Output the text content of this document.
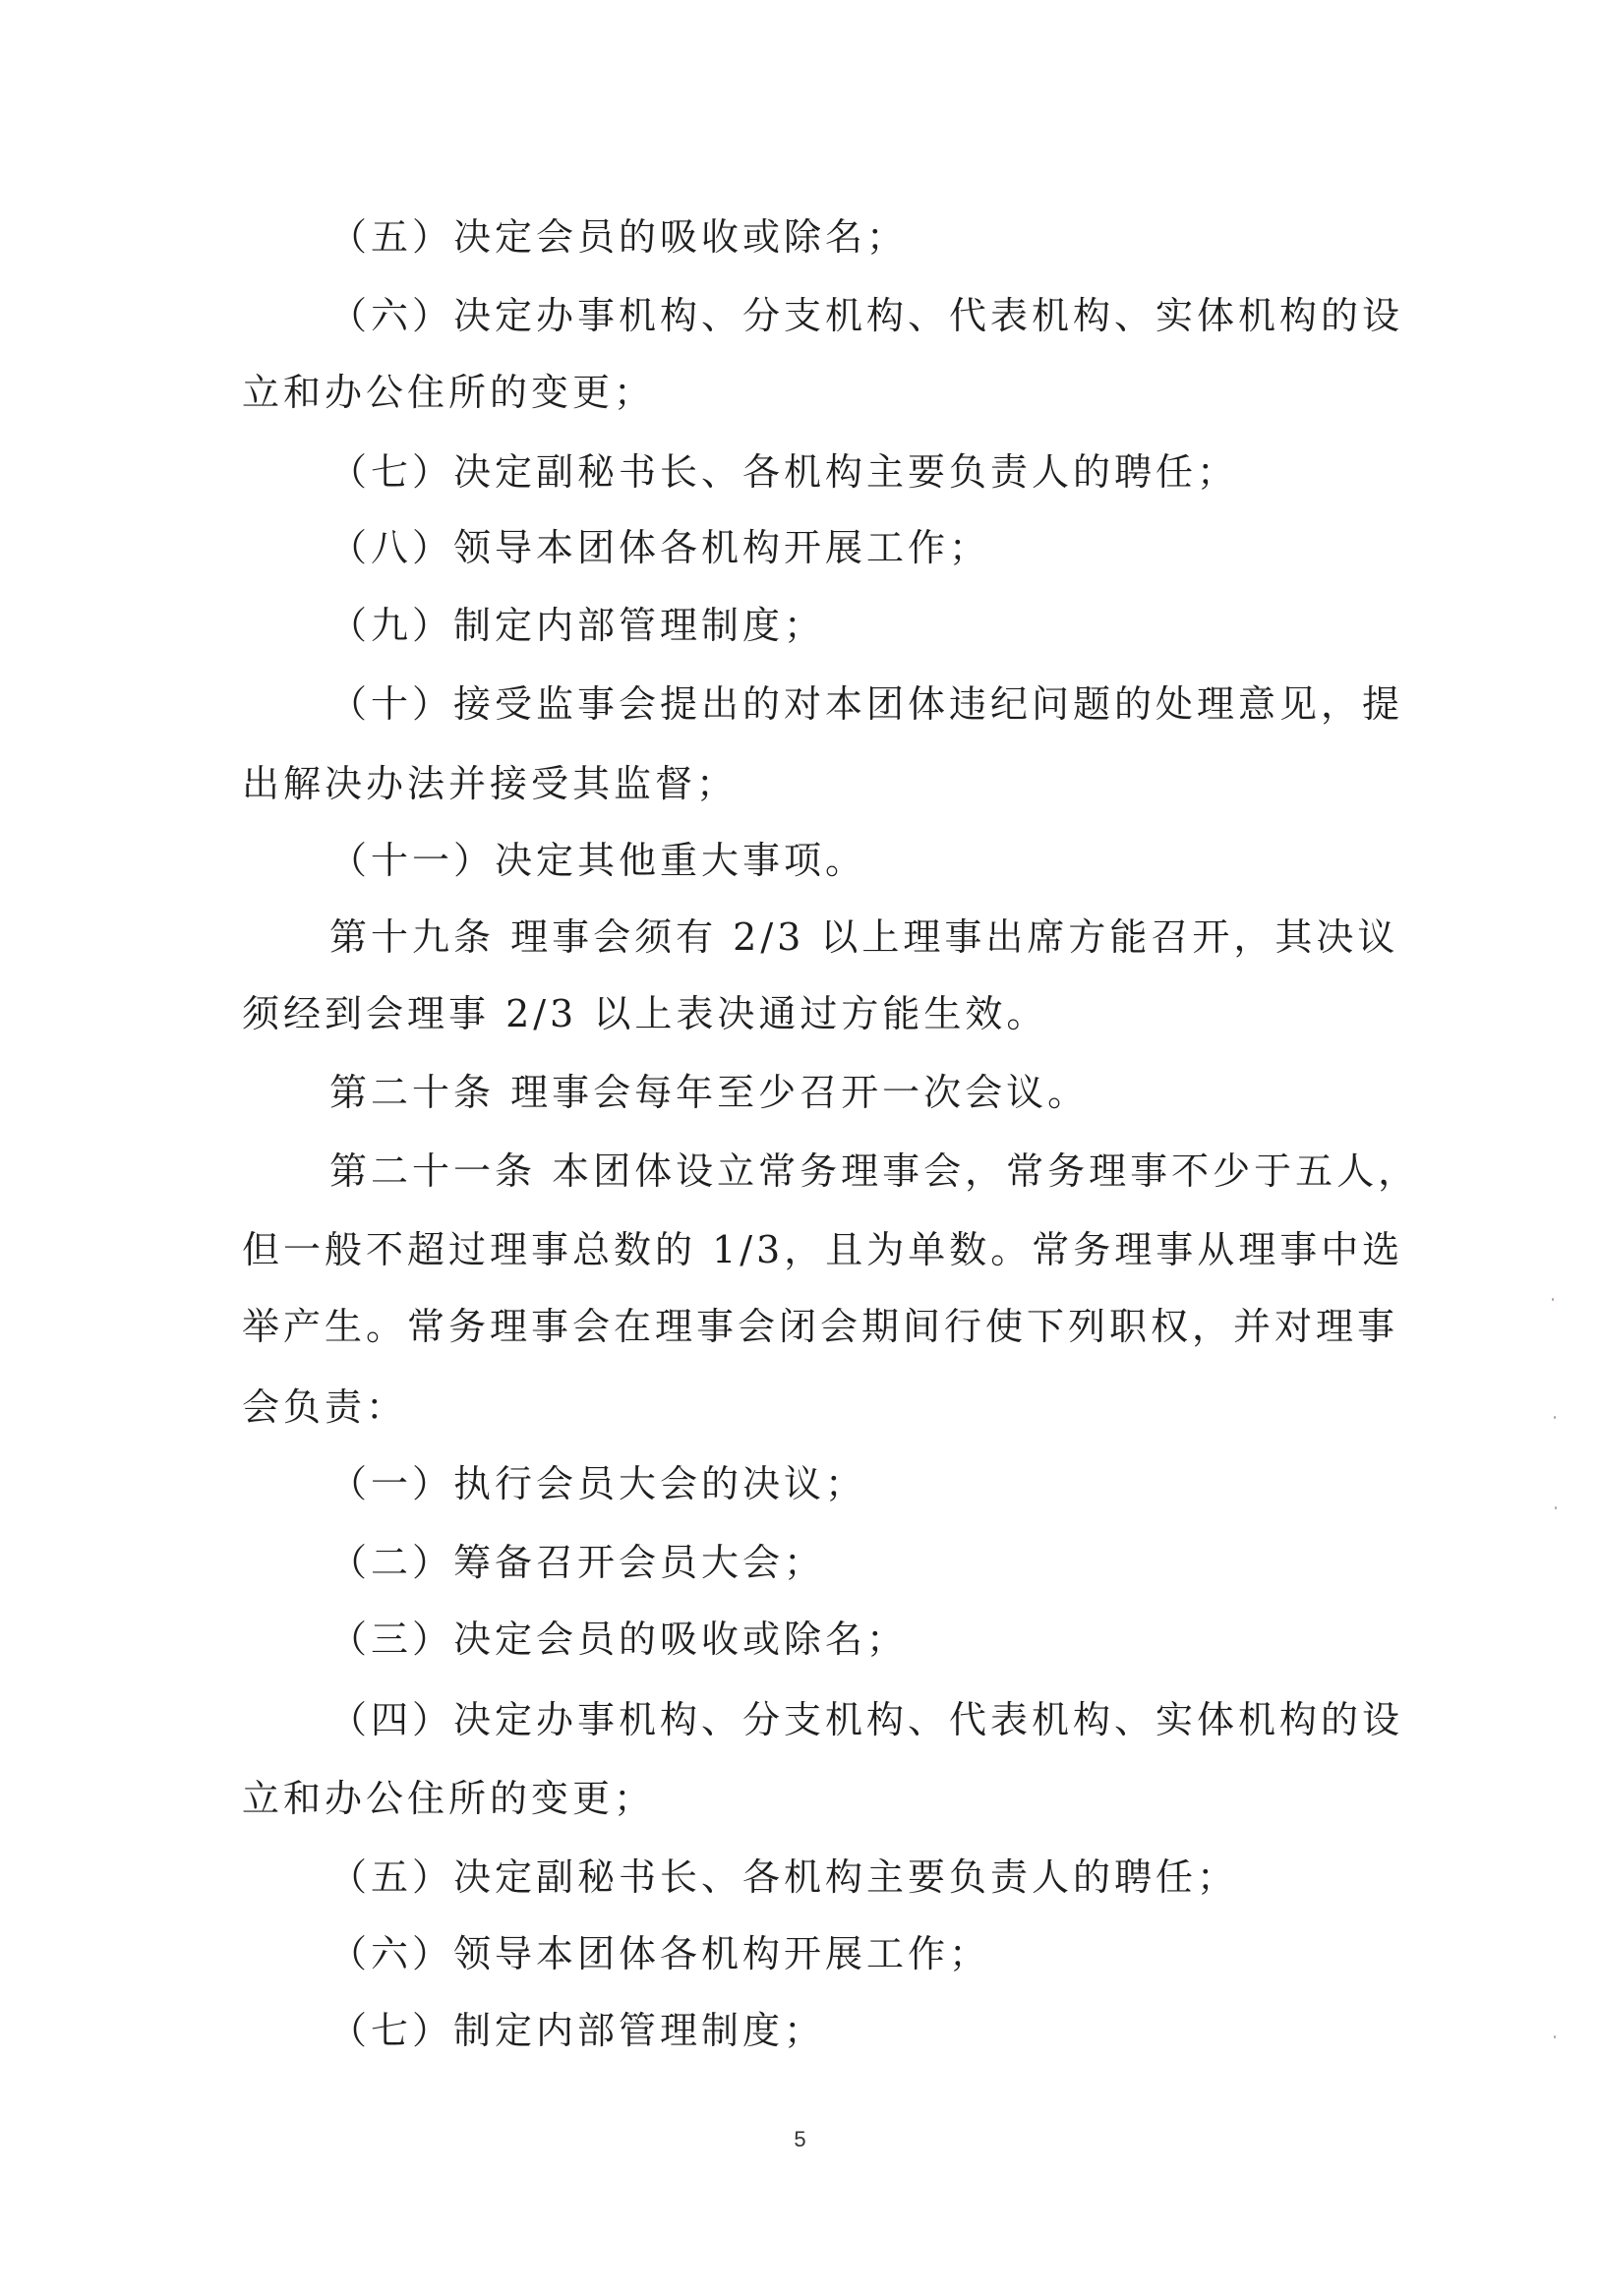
（五）决定会员的吸收或除名；
（六）决定办事机构、分支机构、代表机构、实体机构的设
立和办公住所的变更；
（七）决定副秘书长、各机构主要负责人的聘任；
（八）领导本团体各机构开展工作；
（九）制定内部管理制度；
（十）接受监事会提出的对本团体违纪问题的处理意见，提
出解决办法并接受其监督；
（十一）决定其他重大事项。
第十九条 理事会须有 2/3 以上理事出席方能召开，其决议
须经到会理事 2/3 以上表决通过方能生效。
第二十条 理事会每年至少召开一次会议。
第二十一条 本团体设立常务理事会，常务理事不少于五人，
但一般不超过理事总数的 1/3，且为单数。常务理事从理事中选
举产生。常务理事会在理事会闭会期间行使下列职权，并对理事
会负责：
（一）执行会员大会的决议；
（二）筹备召开会员大会；
（三）决定会员的吸收或除名；
（四）决定办事机构、分支机构、代表机构、实体机构的设
立和办公住所的变更；
（五）决定副秘书长、各机构主要负责人的聘任；
（六）领导本团体各机构开展工作；
（七）制定内部管理制度；
5
